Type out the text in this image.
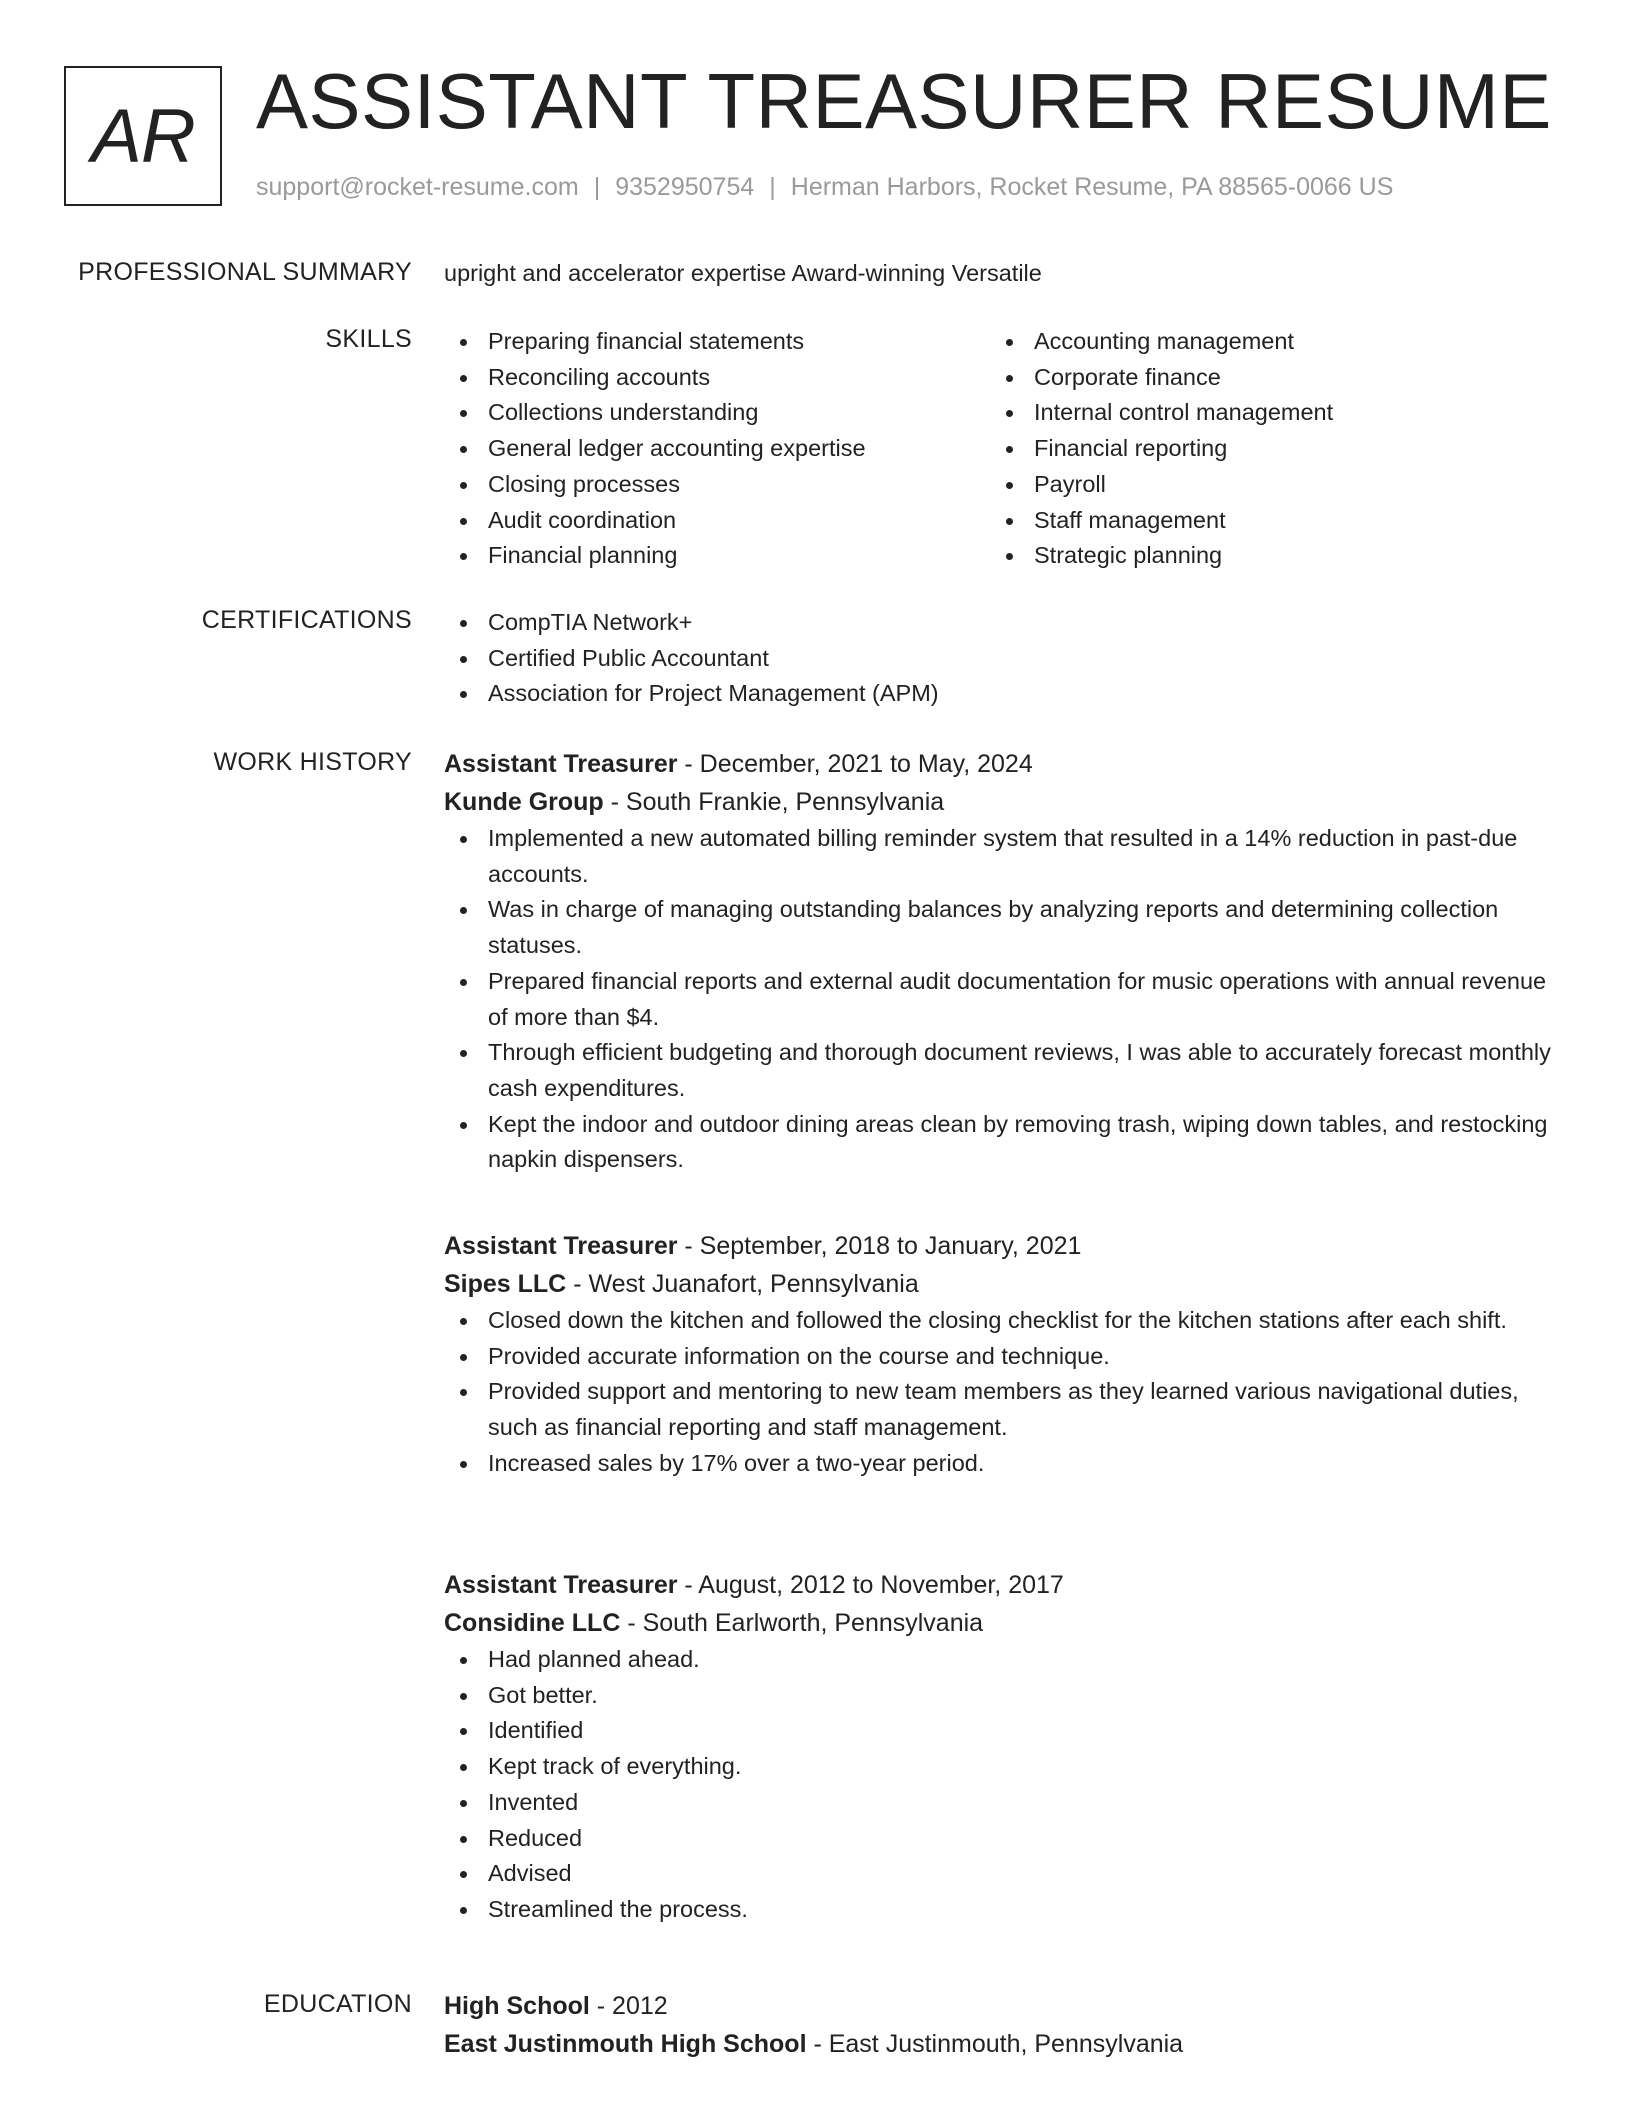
AR ASSISTANT TREASURER RESUME
support@rocket-resume.com | 9352950754 | Herman Harbors, Rocket Resume, PA 88565-0066 US
PROFESSIONAL SUMMARY upright and accelerator expertise Award-winning Versatile
SKILLS	Preparing financial statements
Reconciling accounts
Collections understanding
General ledger accounting expertise
Closing processes
Audit coordination
Financial planning
Accounting management
Corporate finance
Internal control management
Financial reporting
Payroll
Staff management
Strategic planning
CERTIFICATIONS	CompTIA Network+
Certified Public Accountant
Association for Project Management (APM)
WORK HISTORY Assistant Treasurer - December, 2021 to May, 2024
Kunde Group - South Frankie, Pennsylvania
Implemented a new automated billing reminder system that resulted in a 14% reduction in past-due accounts.
Was in charge of managing outstanding balances by analyzing reports and determining collection statuses.
Prepared financial reports and external audit documentation for music operations with annual revenue of more than $4.
Through efficient budgeting and thorough document reviews, I was able to accurately forecast monthly cash expenditures.
Kept the indoor and outdoor dining areas clean by removing trash, wiping down tables, and restocking napkin dispensers.
Assistant Treasurer - September, 2018 to January, 2021
Sipes LLC - West Juanafort, Pennsylvania
Closed down the kitchen and followed the closing checklist for the kitchen stations after each shift.
Provided accurate information on the course and technique.
Provided support and mentoring to new team members as they learned various navigational duties, such as financial reporting and staff management.
Increased sales by 17% over a two-year period.
Assistant Treasurer - August, 2012 to November, 2017
Considine LLC - South Earlworth, Pennsylvania
Had planned ahead.
Got better.
Identified
Kept track of everything.
Invented
Reduced
Advised
Streamlined the process.
EDUCATION High School - 2012
East Justinmouth High School - East Justinmouth, Pennsylvania
